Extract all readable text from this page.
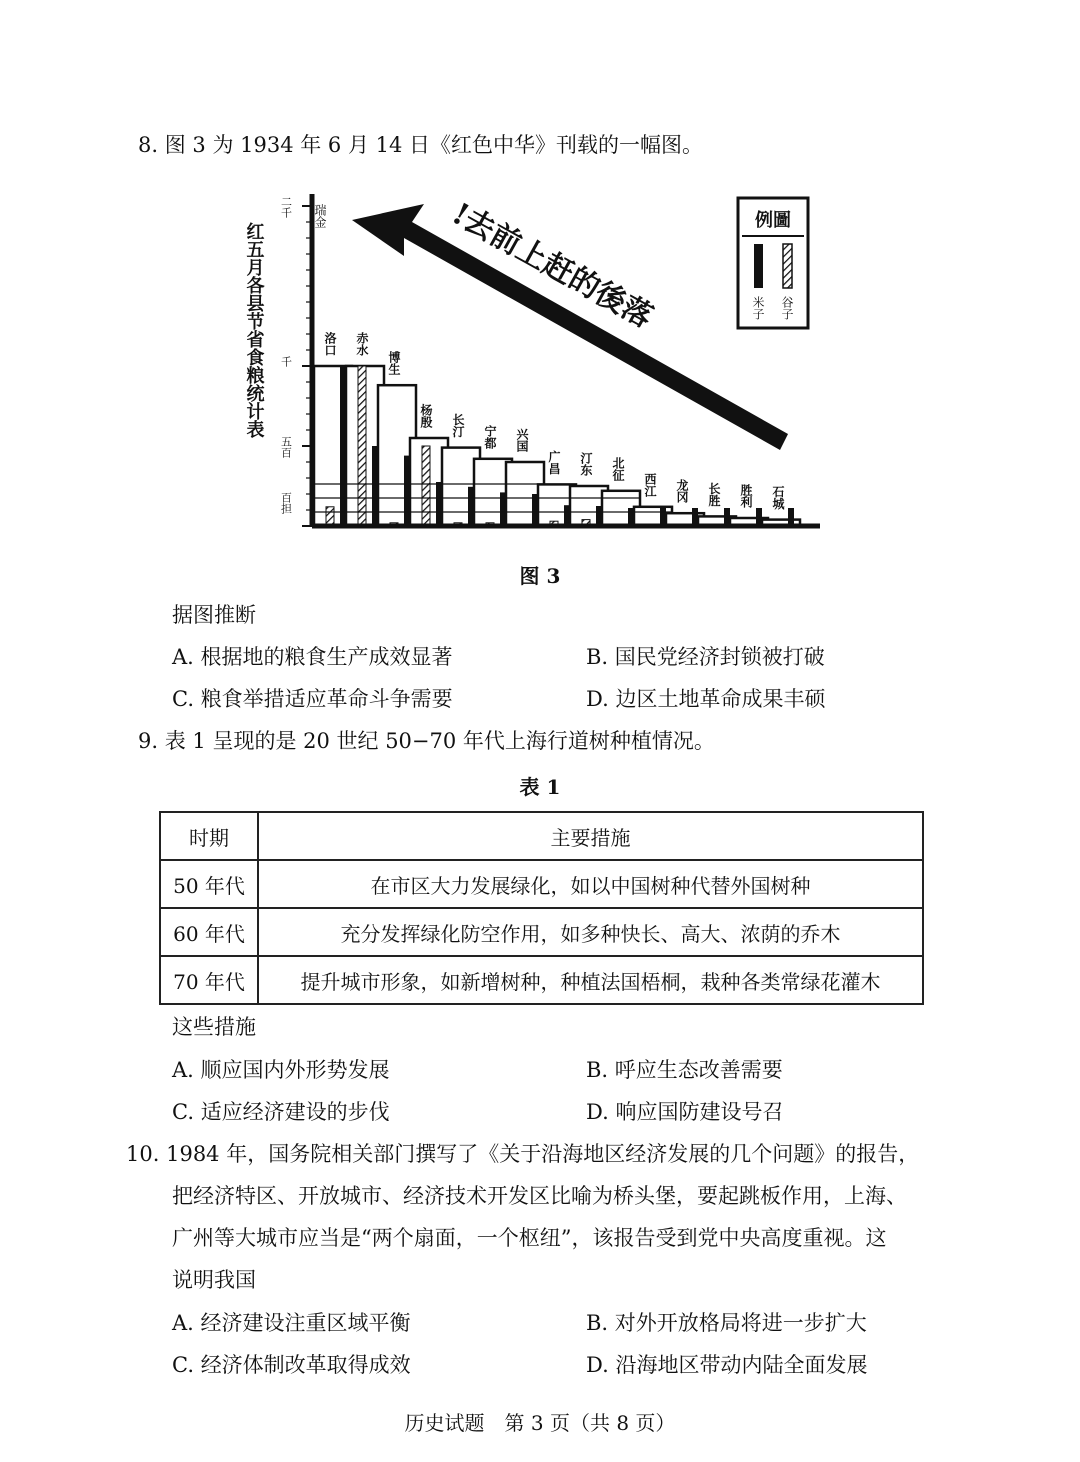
8. 图 3 为 1934 年 6 月 14 日《红色中华》刊载的一幅图。
红五月各县节省食粮统计表
二千
千
五百
百担
洛口 赤水
博生
杨殷 长汀 宁都 兴国
广昌 汀东 北征
西江 龙冈 长胜 胜利 石城
!去前上赶的後落
瑞金	例圖
米子 谷子
图 3
据图推断
A. 根据地的粮食生产成效显著	B. 国民党经济封锁被打破
C. 粮食举措适应革命斗争需要	D. 边区土地革命成果丰硕
9. 表 1 呈现的是 20 世纪 50−70 年代上海行道树种植情况。
表 1
时期	主要措施
50 年代	在市区大力发展绿化，如以中国树种代替外国树种
60 年代	充分发挥绿化防空作用，如多种快长、高大、浓荫的乔木
70 年代	提升城市形象，如新增树种，种植法国梧桐，栽种各类常绿花灌木
这些措施
A. 顺应国内外形势发展	B. 呼应生态改善需要
C. 适应经济建设的步伐	D. 响应国防建设号召
10. 1984 年，国务院相关部门撰写了《关于沿海地区经济发展的几个问题》的报告，
把经济特区、开放城市、经济技术开发区比喻为桥头堡，要起跳板作用，上海、
广州等大城市应当是“两个扇面，一个枢纽”，该报告受到党中央高度重视。这
说明我国
A. 经济建设注重区域平衡	B. 对外开放格局将进一步扩大
C. 经济体制改革取得成效	D. 沿海地区带动内陆全面发展
历史试题　第 3 页（共 8 页）
